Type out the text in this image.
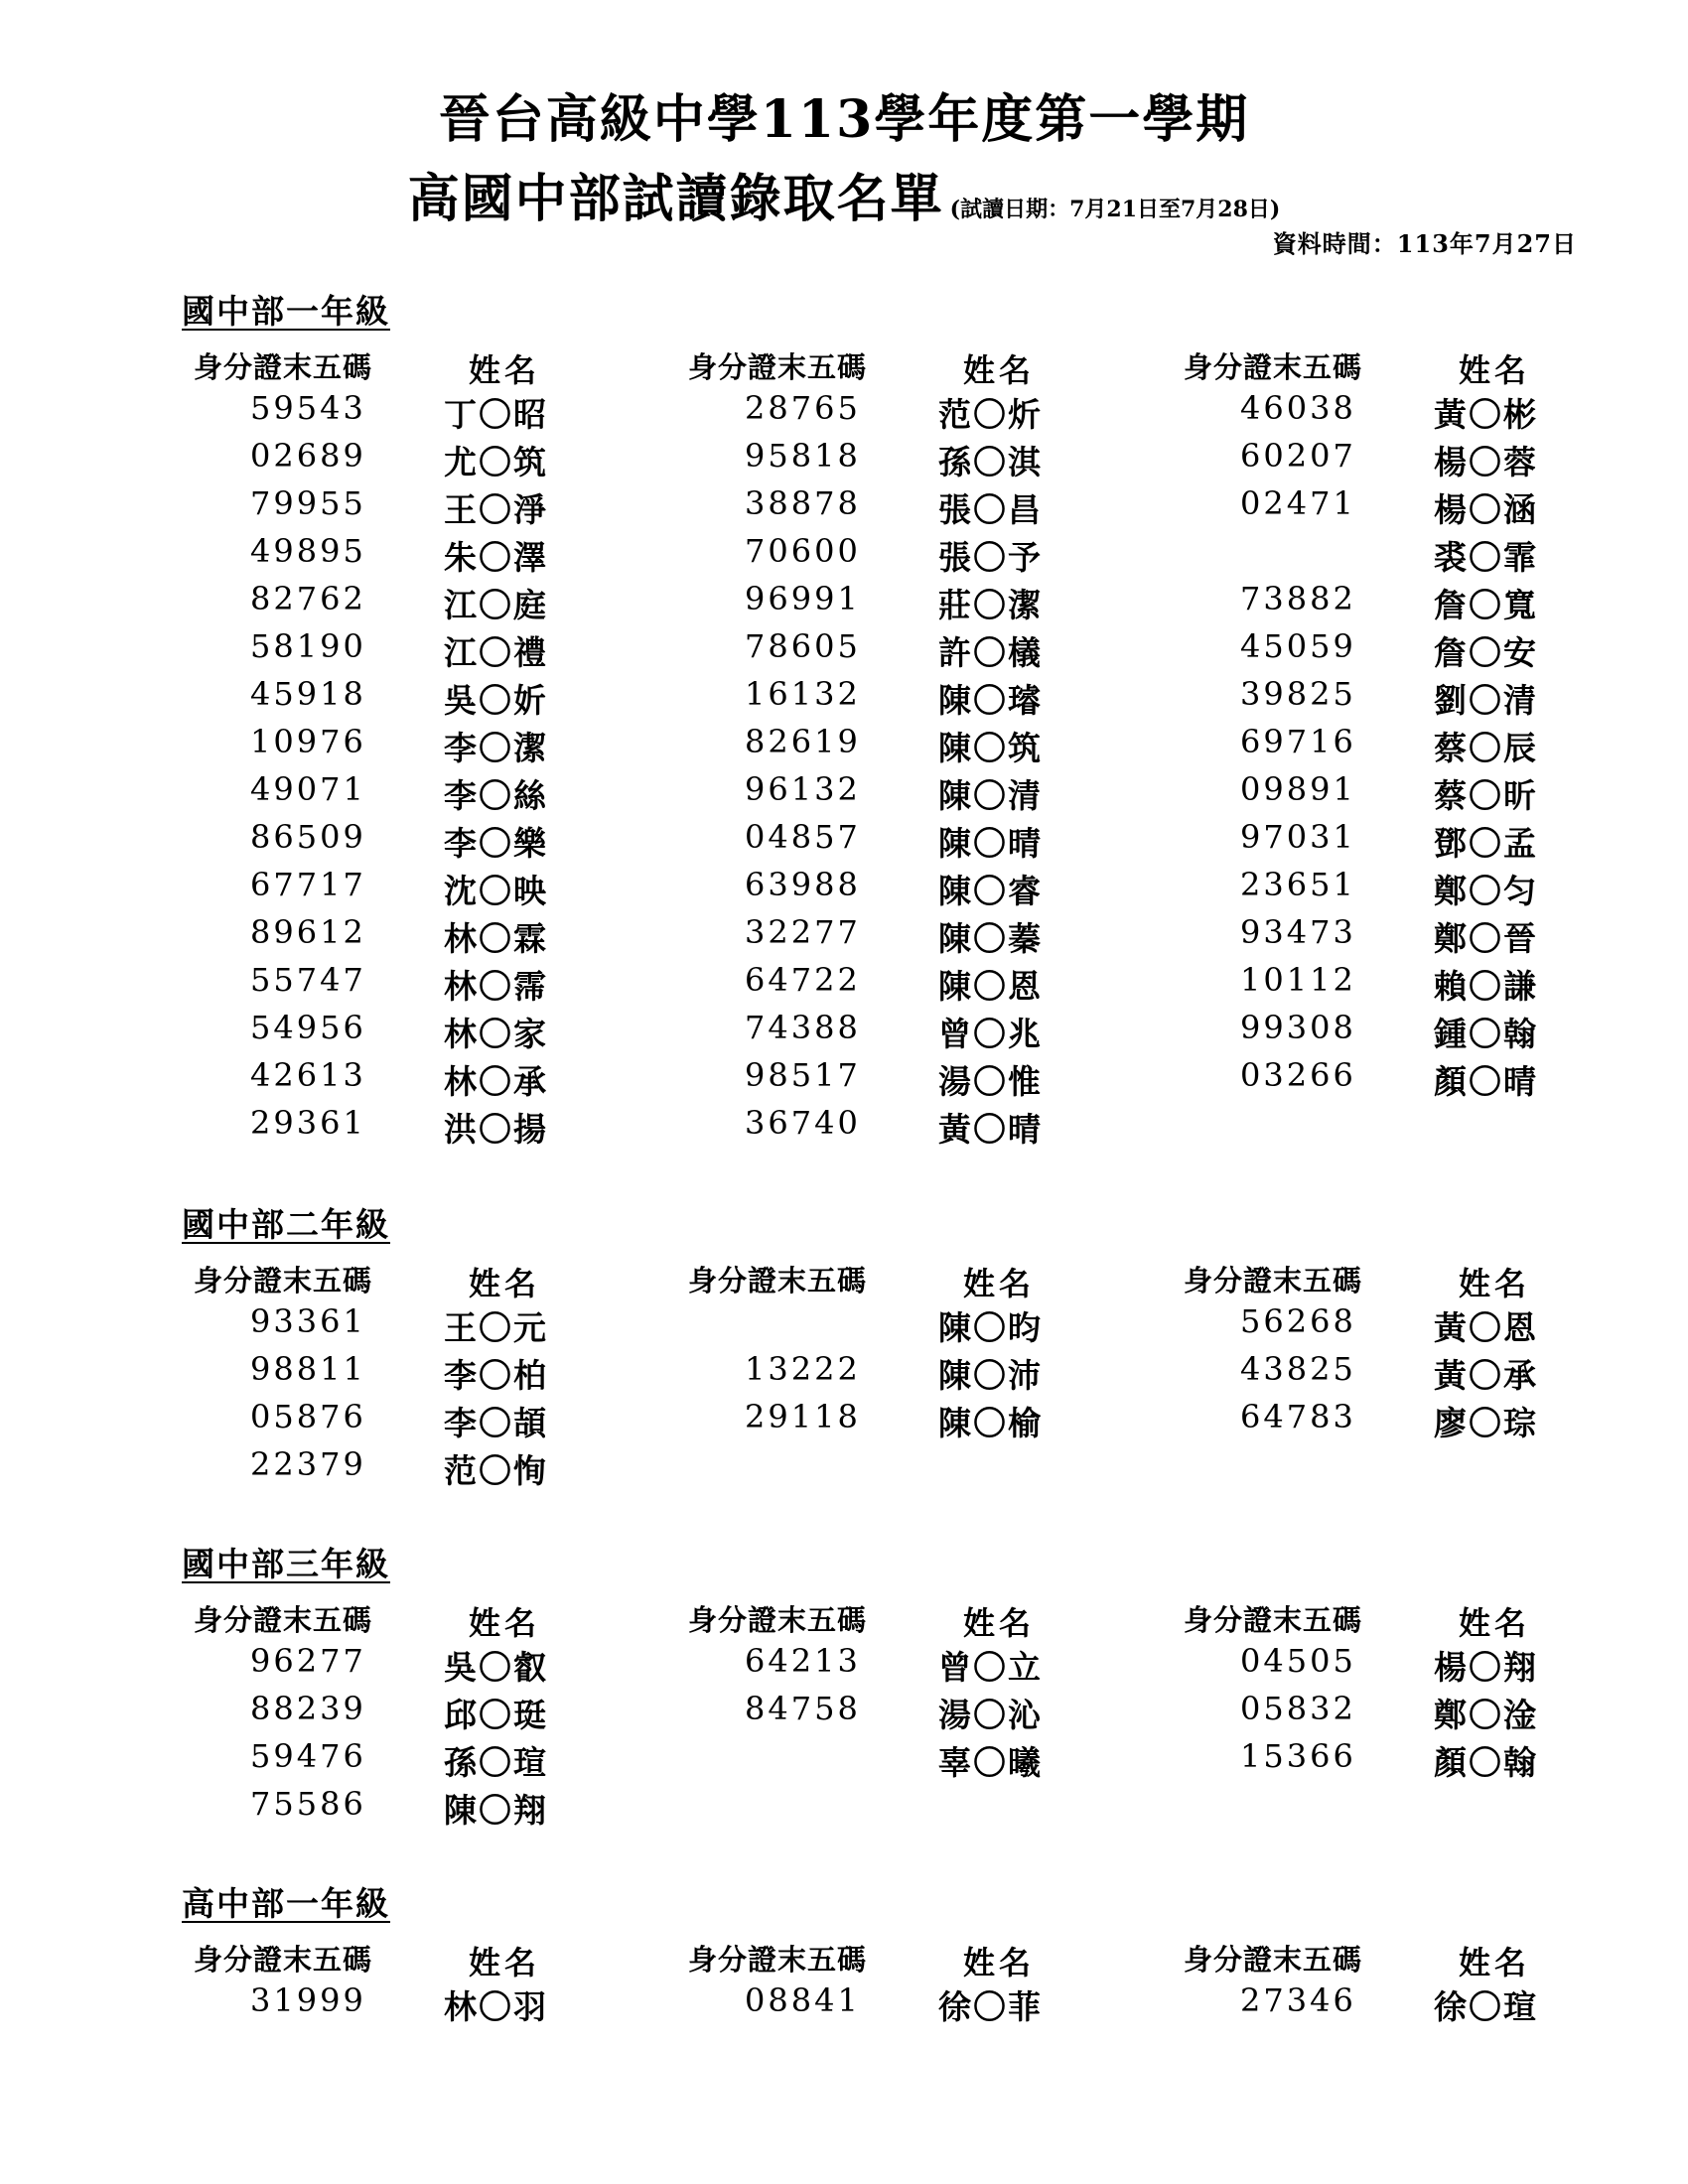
晉台高級中學113學年度第一學期
高國中部試讀錄取名單 (試讀日期：7月21日至7月28日)
資料時間：113年7月27日
國中部一年級
身分證末五碼	姓名
59543 丁〇昭
02689 尤〇筑
79955 王〇淨
49895 朱〇澤
82762 江〇庭
58190 江〇禮
45918 吳〇妡
10976 李〇潔
49071 李〇絲
86509 李〇樂
67717 沈〇映
89612 林〇霖
55747 林〇霈
54956 林〇家
42613 林〇承
29361 洪〇揚
身分證末五碼	姓名
28765 范〇炘
95818 孫〇淇
38878 張〇昌
70600 張〇予
96991 莊〇潔
78605 許〇檥
16132 陳〇璿
82619 陳〇筑
96132 陳〇清
04857 陳〇晴
63988 陳〇睿
32277 陳〇蓁
64722 陳〇恩
74388 曾〇兆
98517 湯〇惟
36740 黃〇晴
身分證末五碼	姓名
46038 黃〇彬
60207 楊〇蓉
02471 楊〇涵
裘〇霏
73882 詹〇寬
45059 詹〇安
39825 劉〇清
69716 蔡〇辰
09891 蔡〇昕
97031 鄧〇孟
23651 鄭〇匀
93473 鄭〇晉
10112 賴〇謙
99308 鍾〇翰
03266 顏〇晴
國中部二年級
身分證末五碼	姓名
93361 王〇元
98811 李〇柏
05876 李〇頡
22379 范〇恂
身分證末五碼	姓名
陳〇昀
13222 陳〇沛
29118 陳〇榆
身分證末五碼	姓名
56268 黃〇恩
43825 黃〇承
64783 廖〇琮
國中部三年級
身分證末五碼	姓名
96277 吳〇叡
88239 邱〇珽
59476 孫〇瑄
75586 陳〇翔
身分證末五碼	姓名
64213 曾〇立
84758 湯〇沁
辜〇曦
身分證末五碼	姓名
04505 楊〇翔
05832 鄭〇淦
15366 顏〇翰
高中部一年級
身分證末五碼	姓名
31999 林〇羽
身分證末五碼	姓名
08841 徐〇菲
身分證末五碼	姓名
27346 徐〇瑄
